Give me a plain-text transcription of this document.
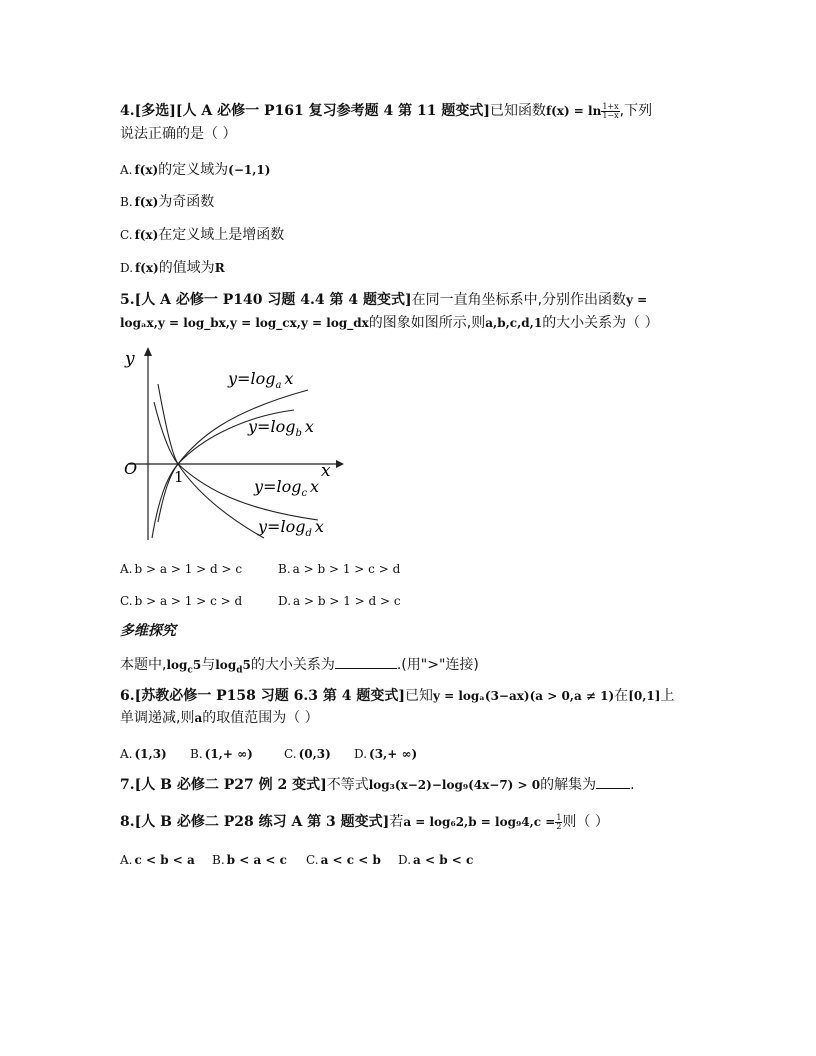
4.[多选][人 A 必修一 P161 复习参考题 4 第 11 题变式]已知函数$f(x) = \ln \frac{1+x}{1-x}$ ,下列
说法正确的是（ ）
A. f(x)的定义域为(−1,1)
B. f(x)为奇函数
C. f(x)在定义域上是增函数
D. f(x)的值域为R
5.[人 A 必修一 P140 习题 4.4 第 4 题变式]在同一直角坐标系中,分别作出函数y =
logₐx,y = log_bx,y = log_cx,y = log_dx的图象如图所示,则a,b,c,d,1的大小关系为（ ）
y
x
O 1
$y=\log_a$ x
$y=\log_b$ x
$y=\log_c$ x
$y=\log_d$ x
A. b > a > 1 > d > c	B. a > b > 1 > c > d
C. b > a > 1 > c > d	D. a > b > 1 > d > c
多维探究
本题中$,\log_c5$与$\log_d5$的大小关系为	.(用">"连接)
6.[苏教必修一 P158 习题 6.3 第 4 题变式]已知y = logₐ(3−ax)(a > 0,a ≠ 1)在[0,1]上
单调递减,则a的取值范围为（ ）
A. (1,3) B. (1,+ ∞)	C. (0,3) D. (3,+ ∞)
7.[人 B 必修二 P27 例 2 变式]不等式log₃(x−2)−log₉(4x−7) > 0的解集为 .
8.[人 B 必修二 P28 练习 A 第 3 题变式]若$a = \log_62,b = \log_94,c = \frac{1}{2}$ 则（ ）
A. c < b < a B. b < a < c C. a < c < b D. a < b < c
